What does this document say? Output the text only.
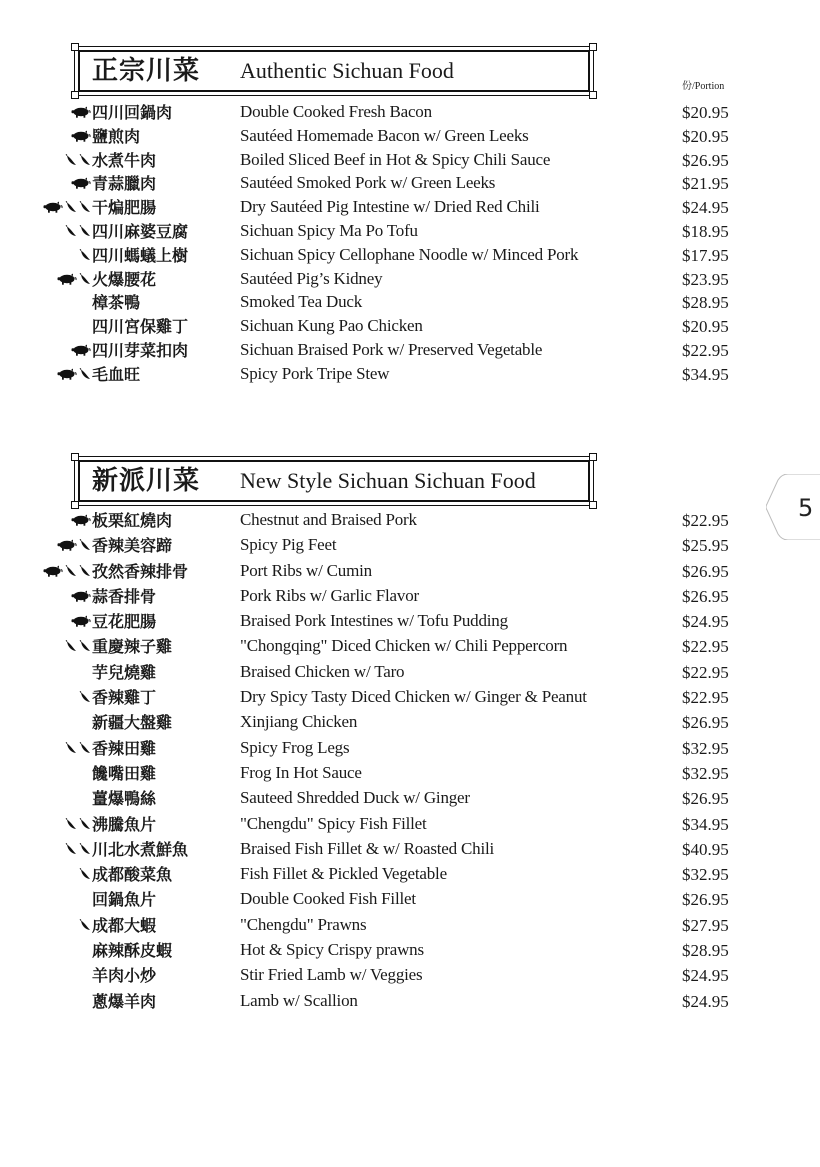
正宗川菜 Authentic Sichuan Food
份/Portion
四川回鍋肉	Double Cooked Fresh Bacon	$20.95
鹽煎肉	Sautéed Homemade Bacon w/ Green Leeks	$20.95
水煮牛肉	Boiled Sliced Beef in Hot & Spicy Chili Sauce	$26.95
青蒜臘肉	Sautéed Smoked Pork w/ Green Leeks	$21.95
干煸肥腸	Dry Sautéed Pig Intestine w/ Dried Red Chili	$24.95
四川麻婆豆腐	Sichuan Spicy Ma Po Tofu	$18.95
四川螞蟻上樹	Sichuan Spicy Cellophane Noodle w/ Minced Pork	$17.95
火爆腰花	Sautéed Pig’s Kidney	$23.95
樟茶鴨	Smoked Tea Duck	$28.95
四川宮保雞丁	Sichuan Kung Pao Chicken	$20.95
四川芽菜扣肉	Sichuan Braised Pork w/ Preserved Vegetable	$22.95
毛血旺	Spicy Pork Tripe Stew	$34.95
新派川菜 New Style Sichuan Sichuan Food
板栗紅燒肉	Chestnut and Braised Pork	$22.95
香辣美容蹄	Spicy Pig Feet	$25.95
孜然香辣排骨	Port Ribs w/ Cumin	$26.95
蒜香排骨	Pork Ribs w/ Garlic Flavor	$26.95
豆花肥腸	Braised Pork Intestines w/ Tofu Pudding	$24.95
重慶辣子雞	"Chongqing" Diced Chicken w/ Chili Peppercorn	$22.95
芋兒燒雞	Braised Chicken w/ Taro	$22.95
香辣雞丁	Dry Spicy Tasty Diced Chicken w/ Ginger & Peanut	$22.95
新疆大盤雞	Xinjiang Chicken	$26.95
香辣田雞	Spicy Frog Legs	$32.95
饞嘴田雞	Frog In Hot Sauce	$32.95
薑爆鴨絲	Sauteed Shredded Duck w/ Ginger	$26.95
沸騰魚片	"Chengdu" Spicy Fish Fillet	$34.95
川北水煮鮮魚	Braised Fish Fillet & w/ Roasted Chili	$40.95
成都酸菜魚	Fish Fillet & Pickled Vegetable	$32.95
回鍋魚片	Double Cooked Fish Fillet	$26.95
成都大蝦	"Chengdu" Prawns	$27.95
麻辣酥皮蝦	Hot & Spicy Crispy prawns	$28.95
羊肉小炒	Stir Fried Lamb w/ Veggies	$24.95
蔥爆羊肉	Lamb w/ Scallion	$24.95
5
